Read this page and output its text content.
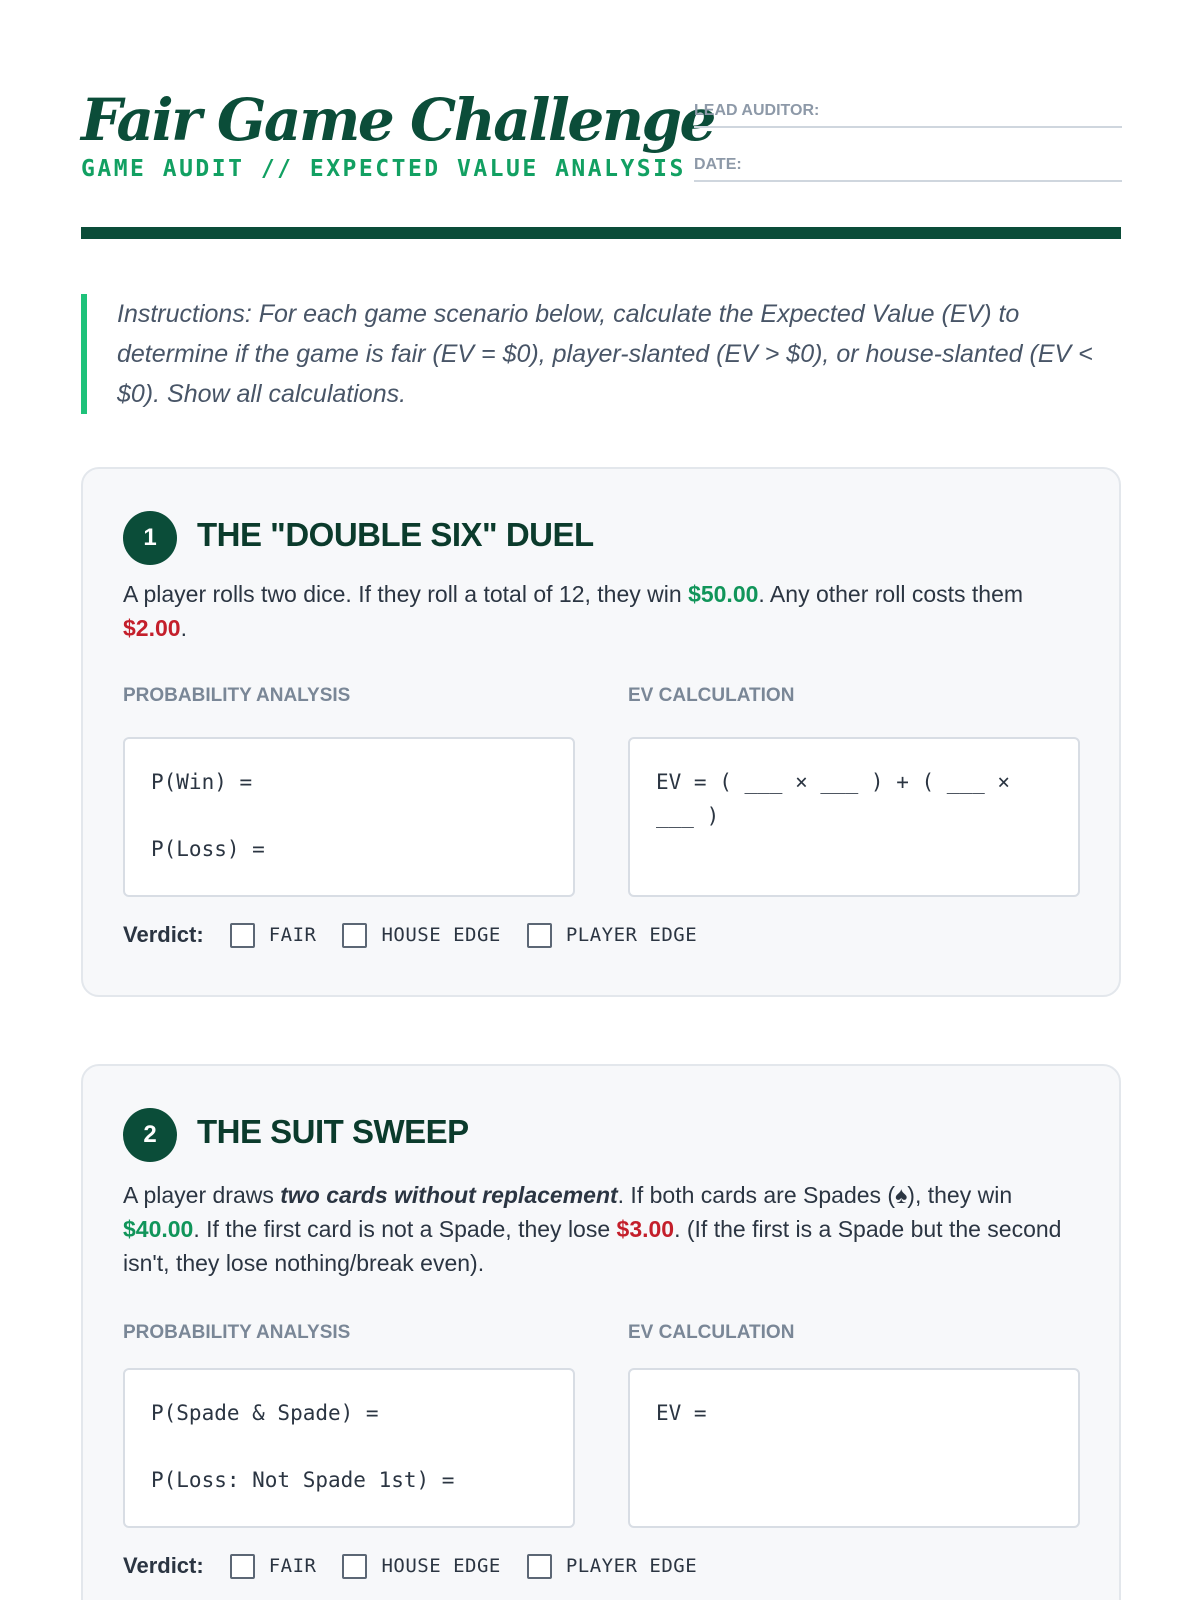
Fair Game Challenge
GAME AUDIT // EXPECTED VALUE ANALYSIS
LEAD AUDITOR:
DATE:

Instructions: For each game scenario below, calculate the Expected Value (EV) to determine if the game is fair (EV = $0), player-slanted (EV > $0), or house-slanted (EV < $0). Show all calculations.

1	THE "DOUBLE SIX" DUEL
A player rolls two dice. If they roll a total of 12, they win $50.00. Any other roll costs them
$2.00.
PROBABILITY ANALYSIS	EV CALCULATION
P(Win) =
P(Loss) =
EV = ( ___ × ___ ) + ( ___ × ___ )
Verdict:	FAIR	HOUSE EDGE	PLAYER EDGE
2	THE SUIT SWEEP
A player draws two cards without replacement. If both cards are Spades (♠), they win $40.00. If the first card is not a Spade, they lose $3.00. (If the first is a Spade but the second isn't, they lose nothing/break even).
PROBABILITY ANALYSIS	EV CALCULATION
P(Spade & Spade) =
P(Loss: Not Spade 1st) =
EV =
Verdict:	FAIR	HOUSE EDGE	PLAYER EDGE
